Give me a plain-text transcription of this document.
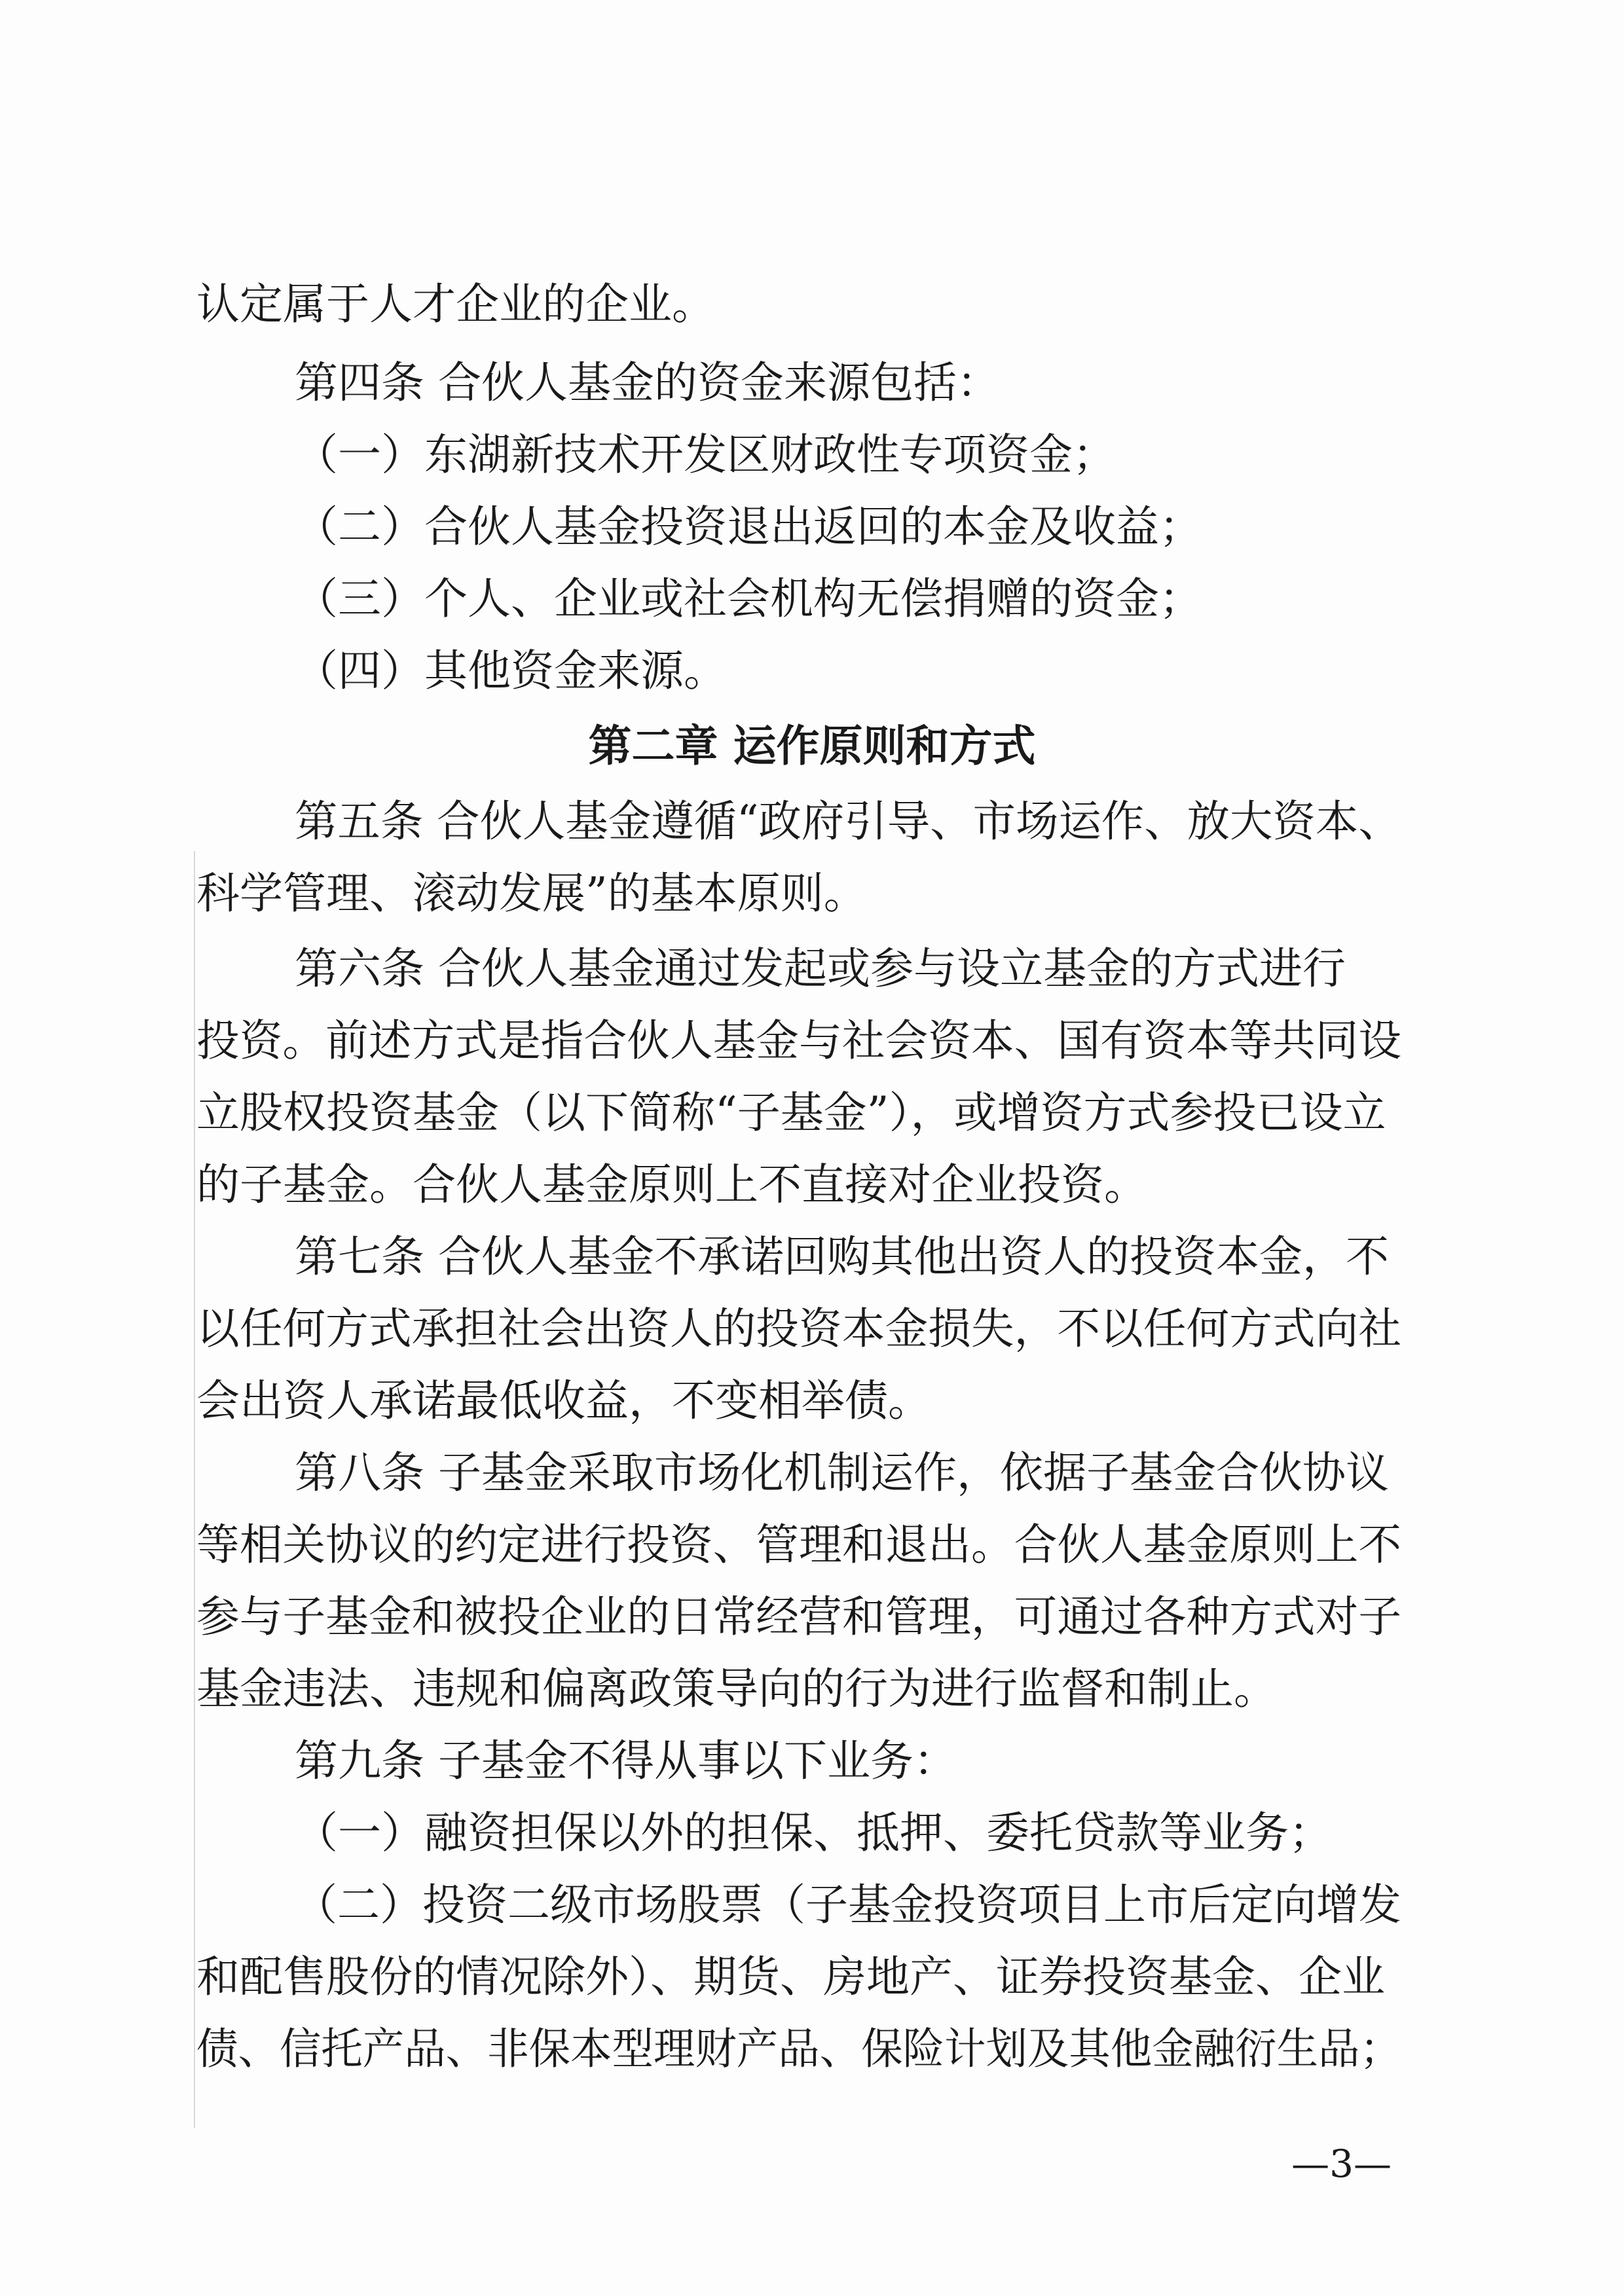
认定属于人才企业的企业。
第四条 合伙人基金的资金来源包括：
（一）东湖新技术开发区财政性专项资金；
（二）合伙人基金投资退出返回的本金及收益；
（三）个人、企业或社会机构无偿捐赠的资金；
（四）其他资金来源。
第二章 运作原则和方式
第五条 合伙人基金遵循“政府引导、市场运作、放大资本、
科学管理、滚动发展”的基本原则。
第六条 合伙人基金通过发起或参与设立基金的方式进行
投资。前述方式是指合伙人基金与社会资本、国有资本等共同设
立股权投资基金（以下简称“子基金”），或增资方式参投已设立
的子基金。合伙人基金原则上不直接对企业投资。
第七条 合伙人基金不承诺回购其他出资人的投资本金，不
以任何方式承担社会出资人的投资本金损失，不以任何方式向社
会出资人承诺最低收益，不变相举债。
第八条 子基金采取市场化机制运作，依据子基金合伙协议
等相关协议的约定进行投资、管理和退出。合伙人基金原则上不
参与子基金和被投企业的日常经营和管理，可通过各种方式对子
基金违法、违规和偏离政策导向的行为进行监督和制止。
第九条 子基金不得从事以下业务：
（一）融资担保以外的担保、抵押、委托贷款等业务；
（二）投资二级市场股票（子基金投资项目上市后定向增发
和配售股份的情况除外）、期货、房地产、证券投资基金、企业
债、信托产品、非保本型理财产品、保险计划及其他金融衍生品；
—3—
